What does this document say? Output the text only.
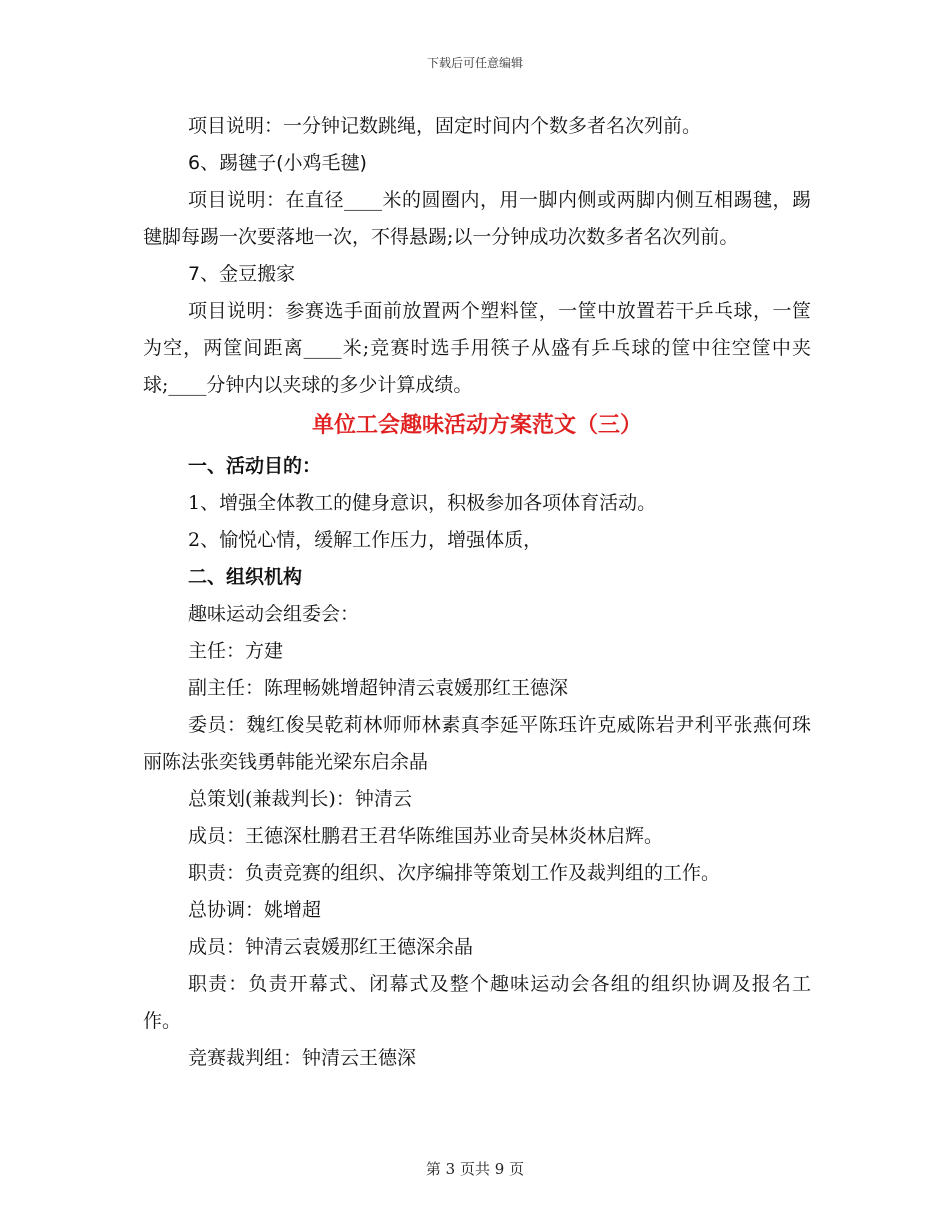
下载后可任意编辑

项目说明：一分钟记数跳绳，固定时间内个数多者名次列前。

6、踢毽子(小鸡毛毽)

项目说明：在直径____米的圆圈内，用一脚内侧或两脚内侧互相踢毽，踢毽脚每踢一次要落地一次，不得悬踢;以一分钟成功次数多者名次列前。

7、金豆搬家

项目说明：参赛选手面前放置两个塑料筐，一筐中放置若干乒乓球，一筐为空，两筐间距离____米;竞赛时选手用筷子从盛有乒乓球的筐中往空筐中夹球;____分钟内以夹球的多少计算成绩。

单位工会趣味活动方案范文（三）

一、活动目的：

1、增强全体教工的健身意识，积极参加各项体育活动。

2、愉悦心情，缓解工作压力，增强体质，

二、组织机构

趣味运动会组委会：

主任：方建

副主任：陈理畅姚增超钟清云袁媛那红王德深

委员：魏红俊吴乾莉林师师林素真李延平陈珏许克威陈岩尹利平张燕何珠丽陈法张奕钱勇韩能光梁东启余晶

总策划(兼裁判长)：钟清云

成员：王德深杜鹏君王君华陈维国苏业奇吴林炎林启辉。

职责：负责竞赛的组织、次序编排等策划工作及裁判组的工作。

总协调：姚增超

成员：钟清云袁媛那红王德深余晶

职责：负责开幕式、闭幕式及整个趣味运动会各组的组织协调及报名工作。

竞赛裁判组：钟清云王德深

第 3 页共 9 页
